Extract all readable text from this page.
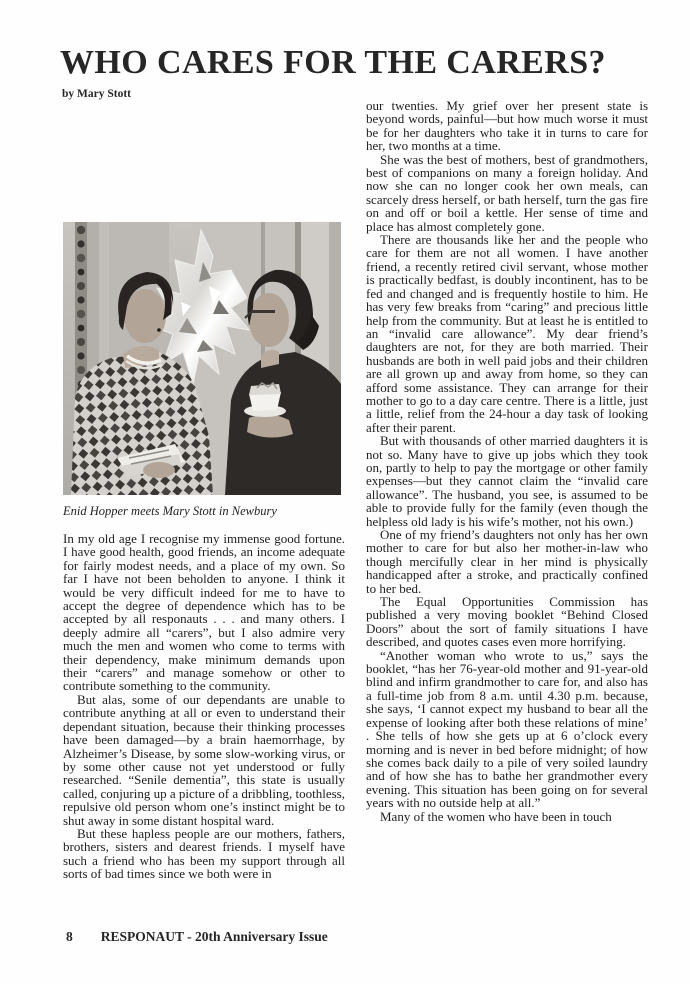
WHO CARES FOR THE CARERS?
by Mary Stott
Enid Hopper meets Mary Stott in Newbury

In my old age I recognise my immense good fortune. I have good health, good friends, an income adequate for fairly modest needs, and a place of my own. So far I have not been beholden to anyone. I think it would be very difficult indeed for me to have to accept the degree of dependence which has to be accepted by all responauts . . . and many others. I deeply admire all “carers”, but I also admire very much the men and women who come to terms with their dependency, make minimum demands upon their “carers” and manage somehow or other to contribute something to the community.

But alas, some of our dependants are unable to contribute anything at all or even to understand their dependant situation, because their thinking processes have been damaged—by a brain haemorrhage, by Alzheimer’s Disease, by some slow-working virus, or by some other cause not yet understood or fully researched. “Senile dementia”, this state is usually called, conjuring up a picture of a dribbling, toothless, repulsive old person whom one’s instinct might be to shut away in some distant hospital ward.

But these hapless people are our mothers, fathers, brothers, sisters and dearest friends. I myself have such a friend who has been my support through all sorts of bad times since we both were in

our twenties. My grief over her present state is beyond words, painful—but how much worse it must be for her daughters who take it in turns to care for her, two months at a time.

She was the best of mothers, best of grandmothers, best of companions on many a foreign holiday. And now she can no longer cook her own meals, can scarcely dress herself, or bath herself, turn the gas fire on and off or boil a kettle. Her sense of time and place has almost completely gone.

There are thousands like her and the people who care for them are not all women. I have another friend, a recently retired civil servant, whose mother is practically bedfast, is doubly incontinent, has to be fed and changed and is frequently hostile to him. He has very few breaks from “caring” and precious little help from the community. But at least he is entitled to an “invalid care allowance”. My dear friend’s daughters are not, for they are both married. Their husbands are both in well paid jobs and their children are all grown up and away from home, so they can afford some assistance. They can arrange for their mother to go to a day care centre. There is a little, just a little, relief from the 24-hour a day task of looking after their parent.

But with thousands of other married daughters it is not so. Many have to give up jobs which they took on, partly to help to pay the mortgage or other family expenses—but they cannot claim the “invalid care allowance”. The husband, you see, is assumed to be able to provide fully for the family (even though the helpless old lady is his wife’s mother, not his own.)

One of my friend’s daughters not only has her own mother to care for but also her mother-in-law who though mercifully clear in her mind is physically handicapped after a stroke, and practically confined to her bed.

The Equal Opportunities Commission has published a very moving booklet “Behind Closed Doors” about the sort of family situations I have described, and quotes cases even more horrifying.

“Another woman who wrote to us,” says the booklet, “has her 76-year-old mother and 91-year-old blind and infirm grandmother to care for, and also has a full-time job from 8 a.m. until 4.30 p.m. because, she says, ‘I cannot expect my husband to bear all the expense of looking after both these relations of mine’ . She tells of how she gets up at 6 o’clock every morning and is never in bed before midnight; of how she comes back daily to a pile of very soiled laundry and of how she has to bathe her grandmother every evening. This situation has been going on for several years with no outside help at all.”

Many of the women who have been in touch

8 RESPONAUT - 20th Anniversary Issue
